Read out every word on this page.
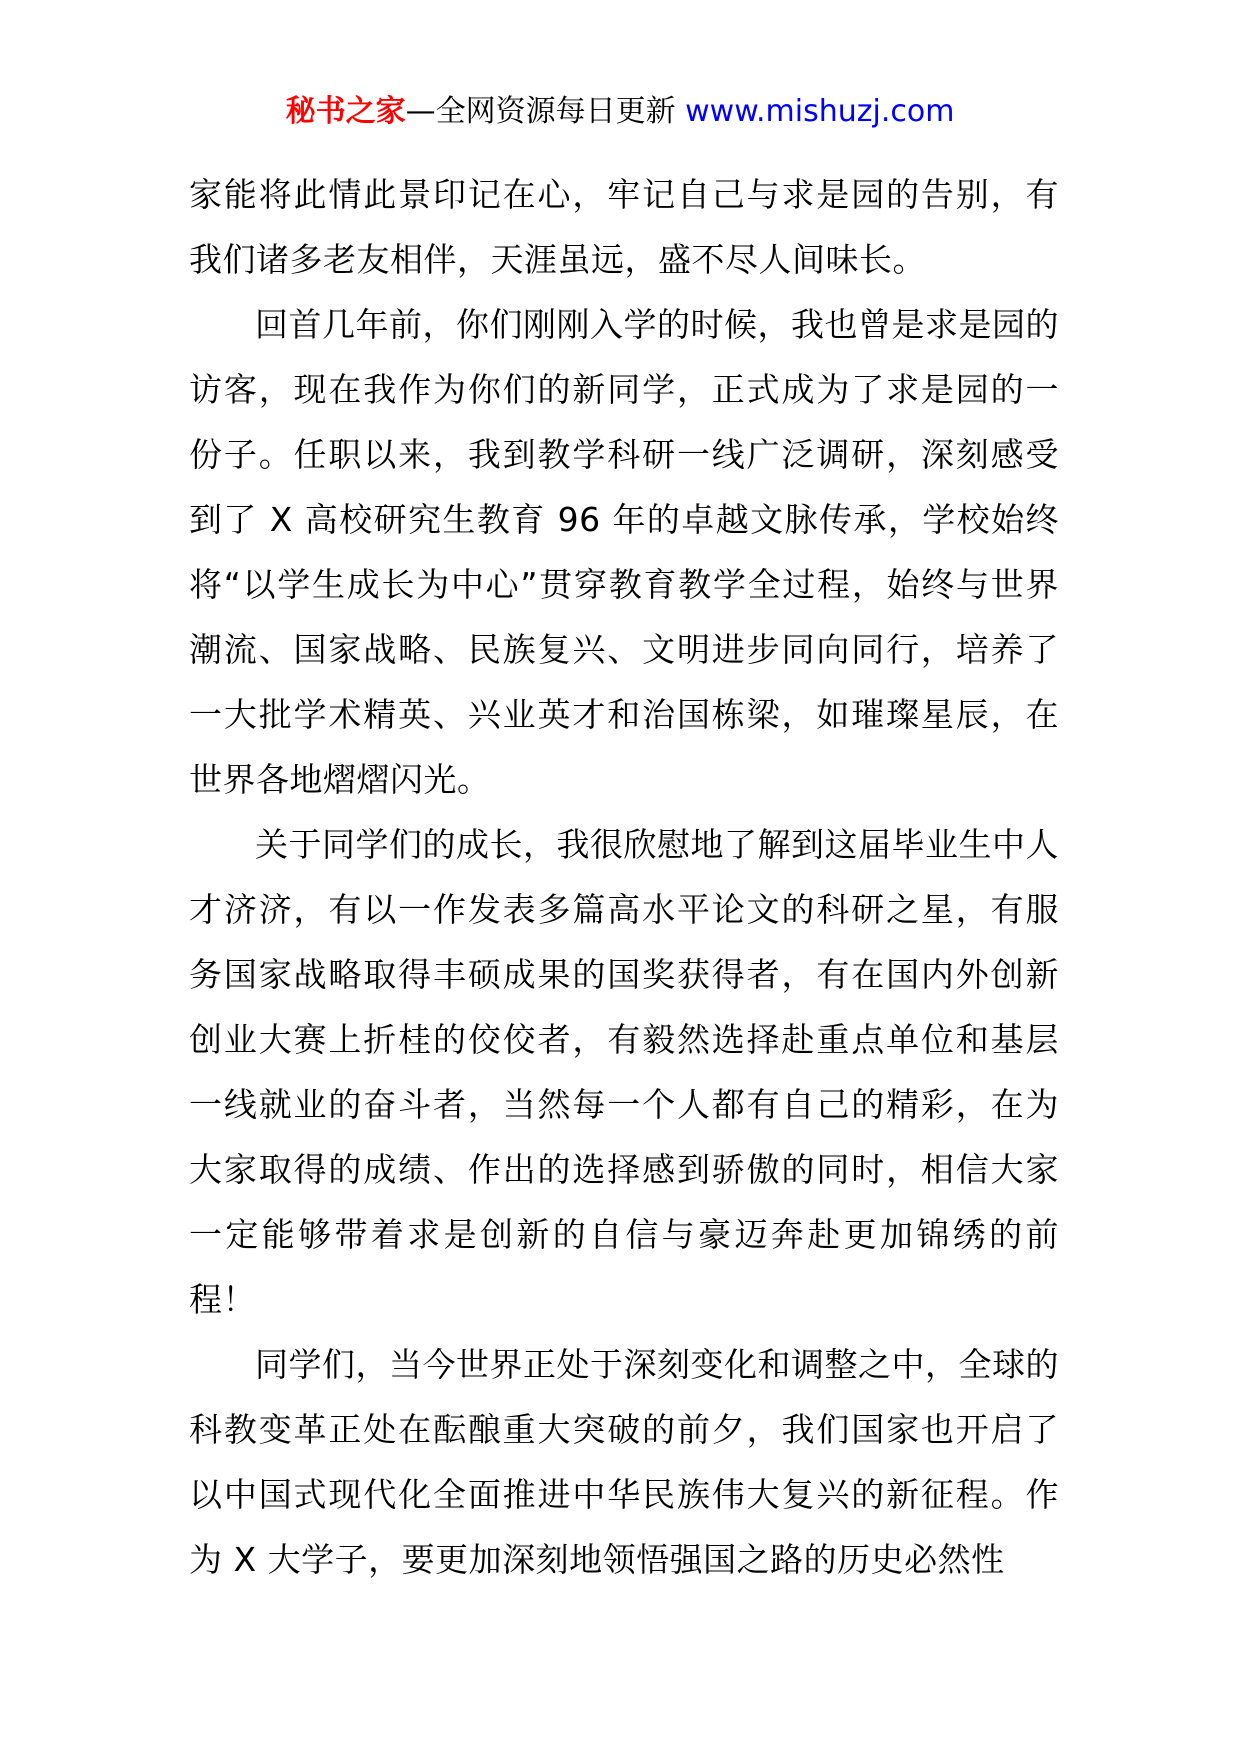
秘书之家—全网资源每日更新 www.mishuzj.com

家能将此情此景印记在心，牢记自己与求是园的告别，有我们诸多老友相伴，天涯虽远，盛不尽人间味长。

回首几年前，你们刚刚入学的时候，我也曾是求是园的访客，现在我作为你们的新同学，正式成为了求是园的一份子。任职以来，我到教学科研一线广泛调研，深刻感受到了 X 高校研究生教育 96 年的卓越文脉传承，学校始终将“以学生成长为中心”贯穿教育教学全过程，始终与世界潮流、国家战略、民族复兴、文明进步同向同行，培养了一大批学术精英、兴业英才和治国栋梁，如璀璨星辰，在世界各地熠熠闪光。

关于同学们的成长，我很欣慰地了解到这届毕业生中人才济济，有以一作发表多篇高水平论文的科研之星，有服务国家战略取得丰硕成果的国奖获得者，有在国内外创新创业大赛上折桂的佼佼者，有毅然选择赴重点单位和基层一线就业的奋斗者，当然每一个人都有自己的精彩，在为大家取得的成绩、作出的选择感到骄傲的同时，相信大家一定能够带着求是创新的自信与豪迈奔赴更加锦绣的前程！

同学们，当今世界正处于深刻变化和调整之中，全球的科教变革正处在酝酿重大突破的前夕，我们国家也开启了以中国式现代化全面推进中华民族伟大复兴的新征程。作为 X 大学子，要更加深刻地领悟强国之路的历史必然性
